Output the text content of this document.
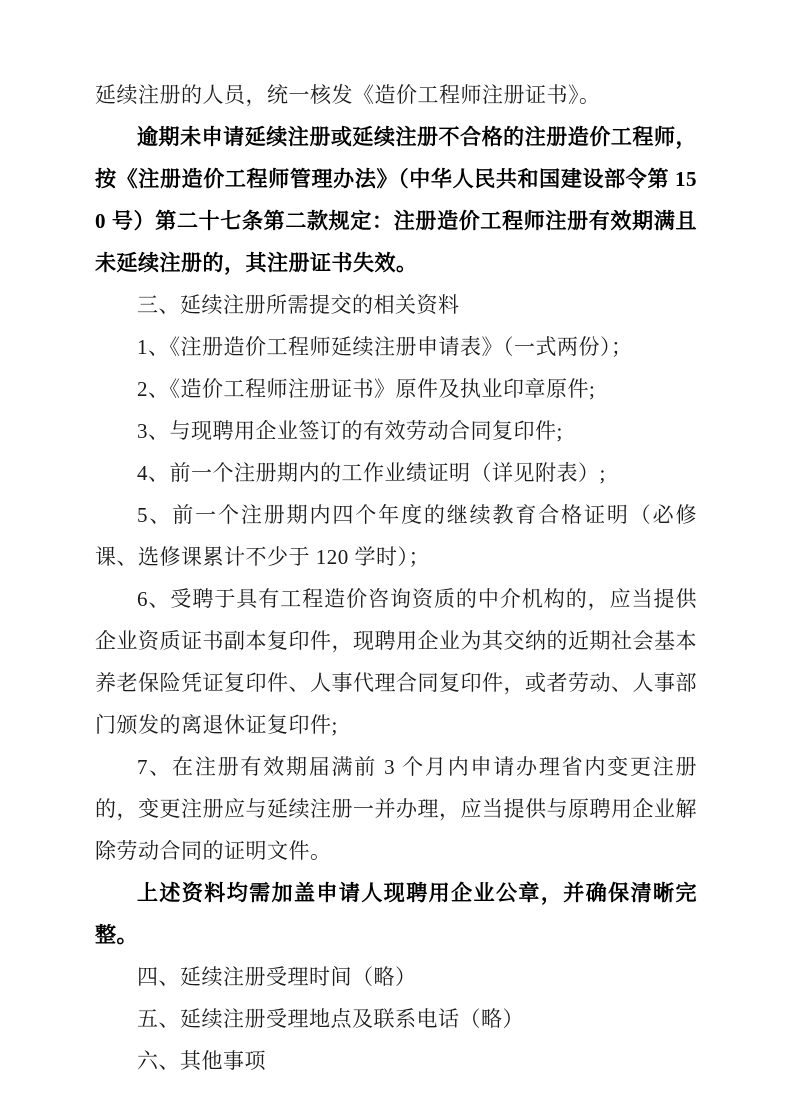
延续注册的人员，统一核发《造价工程师注册证书》。

逾期未申请延续注册或延续注册不合格的注册造价工程师，按《注册造价工程师管理办法》（中华人民共和国建设部令第 150 号）第二十七条第二款规定：注册造价工程师注册有效期满且未延续注册的，其注册证书失效。

三、延续注册所需提交的相关资料

1、《注册造价工程师延续注册申请表》（一式两份）；

2、《造价工程师注册证书》原件及执业印章原件;

3、与现聘用企业签订的有效劳动合同复印件;

4、前一个注册期内的工作业绩证明（详见附表）;

5、前一个注册期内四个年度的继续教育合格证明（必修课、选修课累计不少于 120 学时）；

6、受聘于具有工程造价咨询资质的中介机构的，应当提供企业资质证书副本复印件，现聘用企业为其交纳的近期社会基本养老保险凭证复印件、人事代理合同复印件，或者劳动、人事部门颁发的离退休证复印件;

7、在注册有效期届满前 3 个月内申请办理省内变更注册的，变更注册应与延续注册一并办理，应当提供与原聘用企业解除劳动合同的证明文件。

上述资料均需加盖申请人现聘用企业公章，并确保清晰完整。

四、延续注册受理时间（略）

五、延续注册受理地点及联系电话（略）

六、其他事项
